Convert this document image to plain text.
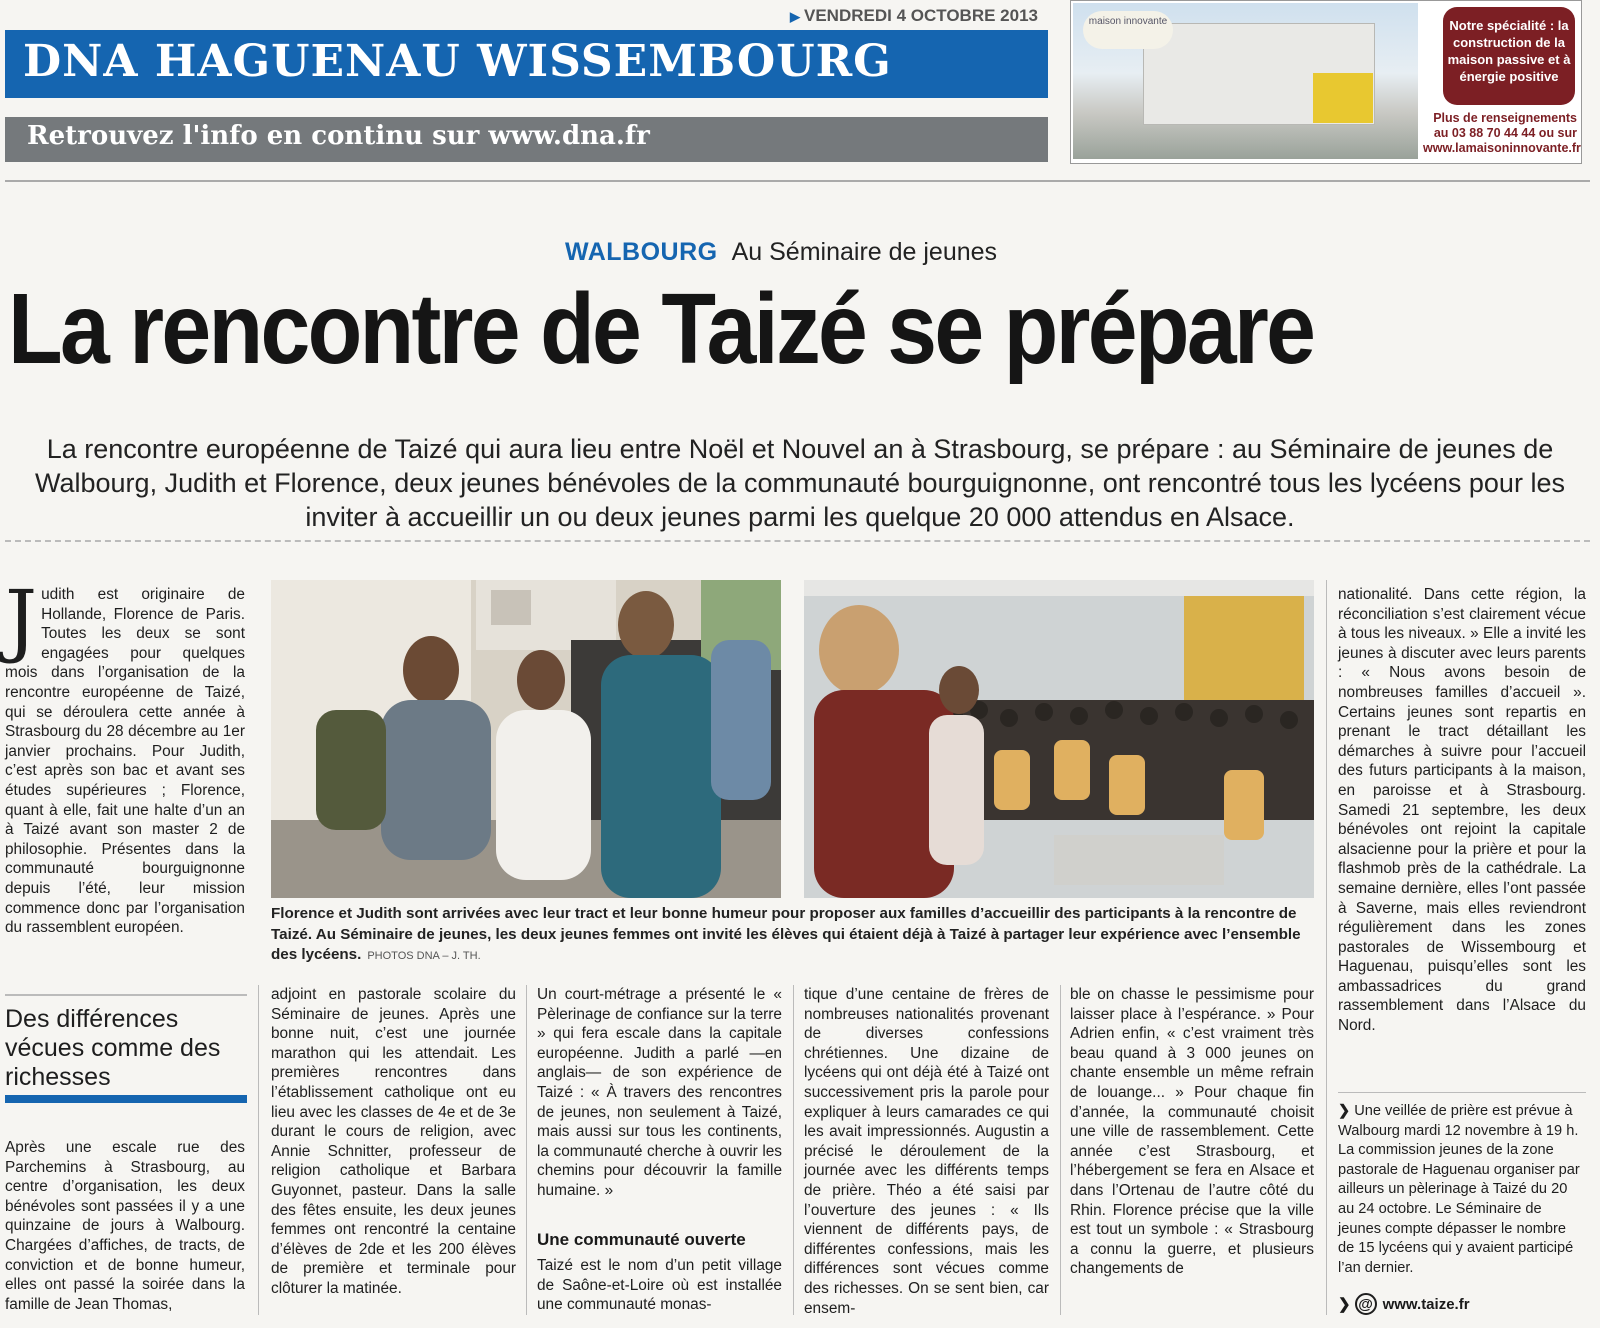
▶ VENDREDI 4 OCTOBRE 2013
DNA HAGUENAU WISSEMBOURG
Retrouvez l'info en continu sur www.dna.fr
maison innovante	Notre spécialité : la construction de la maison passive et à énergie positive
Plus de renseignements
au 03 88 70 44 44 ou sur
www.lamaisoninnovante.fr
WALBOURG Au Séminaire de jeunes
La rencontre de Taizé se prépare
La rencontre européenne de Taizé qui aura lieu entre Noël et Nouvel an à Strasbourg, se prépare : au Séminaire de jeunes de Walbourg, Judith et Florence, deux jeunes bénévoles de la communauté bourguignonne, ont rencontré tous les lycéens pour les inviter à accueillir un ou deux jeunes parmi les quelque 20 000 attendus en Alsace.
J udith est originaire de Hollande, Florence de Paris. Toutes les deux se sont engagées pour quelques mois dans l’organisation de la rencontre européenne de Taizé, qui se déroulera cette année à Strasbourg du 28 décembre au 1er janvier prochains. Pour Judith, c’est après son bac et avant ses études supérieures ; Florence, quant à elle, fait une halte d’un an à Taizé avant son master 2 de philosophie. Présentes dans la communauté bourguignonne depuis l’été, leur mission commence donc par l’organisation du rassemblent européen.

Des différences vécues comme des richesses

Après une escale rue des Parchemins à Strasbourg, au centre d’organisation, les deux bénévoles sont passées il y a une quinzaine de jours à Walbourg. Chargées d’affiches, de tracts, de conviction et de bonne humeur, elles ont passé la soirée dans la famille de Jean Thomas,

Florence et Judith sont arrivées avec leur tract et leur bonne humeur pour proposer aux familles d’accueillir des participants à la rencontre de Taizé. Au Séminaire de jeunes, les deux jeunes femmes ont invité les élèves qui étaient déjà à Taizé à partager leur expérience avec l’ensemble des lycéens. PHOTOS DNA – J. TH.

adjoint en pastorale scolaire du Séminaire de jeunes. Après une bonne nuit, c’est une journée marathon qui les attendait. Les premières rencontres dans l’établissement catholique ont eu lieu avec les classes de 4e et de 3e durant le cours de religion, avec Annie Schnitter, professeur de religion catholique et Barbara Guyonnet, pasteur. Dans la salle des fêtes ensuite, les deux jeunes femmes ont rencontré la centaine d’élèves de 2de et les 200 élèves de première et terminale pour clôturer la matinée.

Un court-métrage a présenté le « Pèlerinage de confiance sur la terre » qui fera escale dans la capitale européenne. Judith a parlé —en anglais— de son expérience de Taizé : « À travers des rencontres de jeunes, non seulement à Taizé, mais aussi sur tous les continents, la communauté cherche à ouvrir les chemins pour découvrir la famille humaine. »

Une communauté ouverte

Taizé est le nom d’un petit village de Saône-et-Loire où est installée une communauté monas-

tique d’une centaine de frères de nombreuses nationalités provenant de diverses confessions chrétiennes. Une dizaine de lycéens qui ont déjà été à Taizé ont successivement pris la parole pour expliquer à leurs camarades ce qui les avait impressionnés. Augustin a précisé le déroulement de la journée avec les différents temps de prière. Théo a été saisi par l’ouverture des jeunes : « Ils viennent de différents pays, de différentes confessions, mais les différences sont vécues comme des richesses. On se sent bien, car ensem-

ble on chasse le pessimisme pour laisser place à l’espérance. » Pour Adrien enfin, « c’est vraiment très beau quand à 3 000 jeunes on chante ensemble un même refrain de louange... » Pour chaque fin d’année, la communauté choisit une ville de rassemblement. Cette année c’est Strasbourg, et l’hébergement se fera en Alsace et dans l’Ortenau de l’autre côté du Rhin. Florence précise que la ville est tout un symbole : « Strasbourg a connu la guerre, et plusieurs changements de

nationalité. Dans cette région, la réconciliation s’est clairement vécue à tous les niveaux. » Elle a invité les jeunes à discuter avec leurs parents : « Nous avons besoin de nombreuses familles d’accueil ». Certains jeunes sont repartis en prenant le tract détaillant les démarches à suivre pour l’accueil des futurs participants à la maison, en paroisse et à Strasbourg. Samedi 21 septembre, les deux bénévoles ont rejoint la capitale alsacienne pour la prière et pour la flashmob près de la cathédrale. La semaine dernière, elles l’ont passée à Saverne, mais elles reviendront régulièrement dans les zones pastorales de Wissembourg et Haguenau, puisqu’elles sont les ambassadrices du grand rassemblement dans l’Alsace du Nord.

❯ Une veillée de prière est prévue à Walbourg mardi 12 novembre à 19 h. La commission jeunes de la zone pastorale de Haguenau organiser par ailleurs un pèlerinage à Taizé du 20 au 24 octobre. Le Séminaire de jeunes compte dépasser le nombre de 15 lycéens qui y avaient participé l’an dernier.
❯ @ www.taize.fr
